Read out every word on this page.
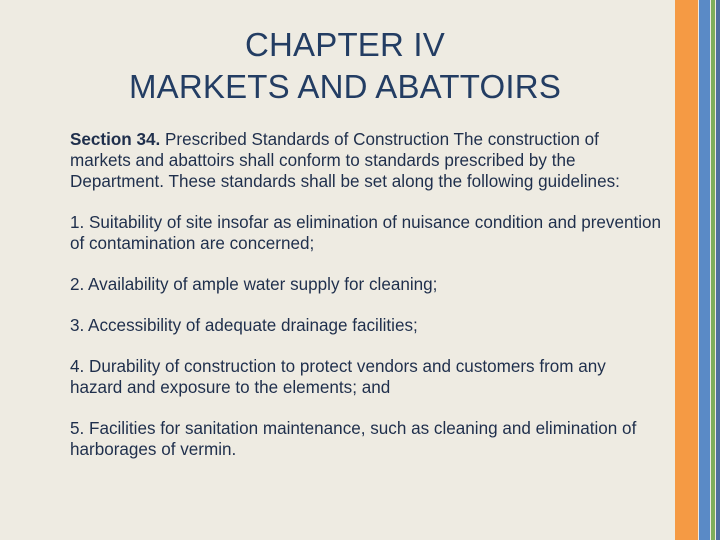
CHAPTER IV
MARKETS AND ABATTOIRS

Section 34. Prescribed Standards of Construction The construction of markets and abattoirs shall conform to standards prescribed by the Department. These standards shall be set along the following guidelines:

1. Suitability of site insofar as elimination of nuisance condition and prevention of contamination are concerned;

2. Availability of ample water supply for cleaning;

3. Accessibility of adequate drainage facilities;

4. Durability of construction to protect vendors and customers from any hazard and exposure to the elements; and

5. Facilities for sanitation maintenance, such as cleaning and elimination of harborages of vermin.
